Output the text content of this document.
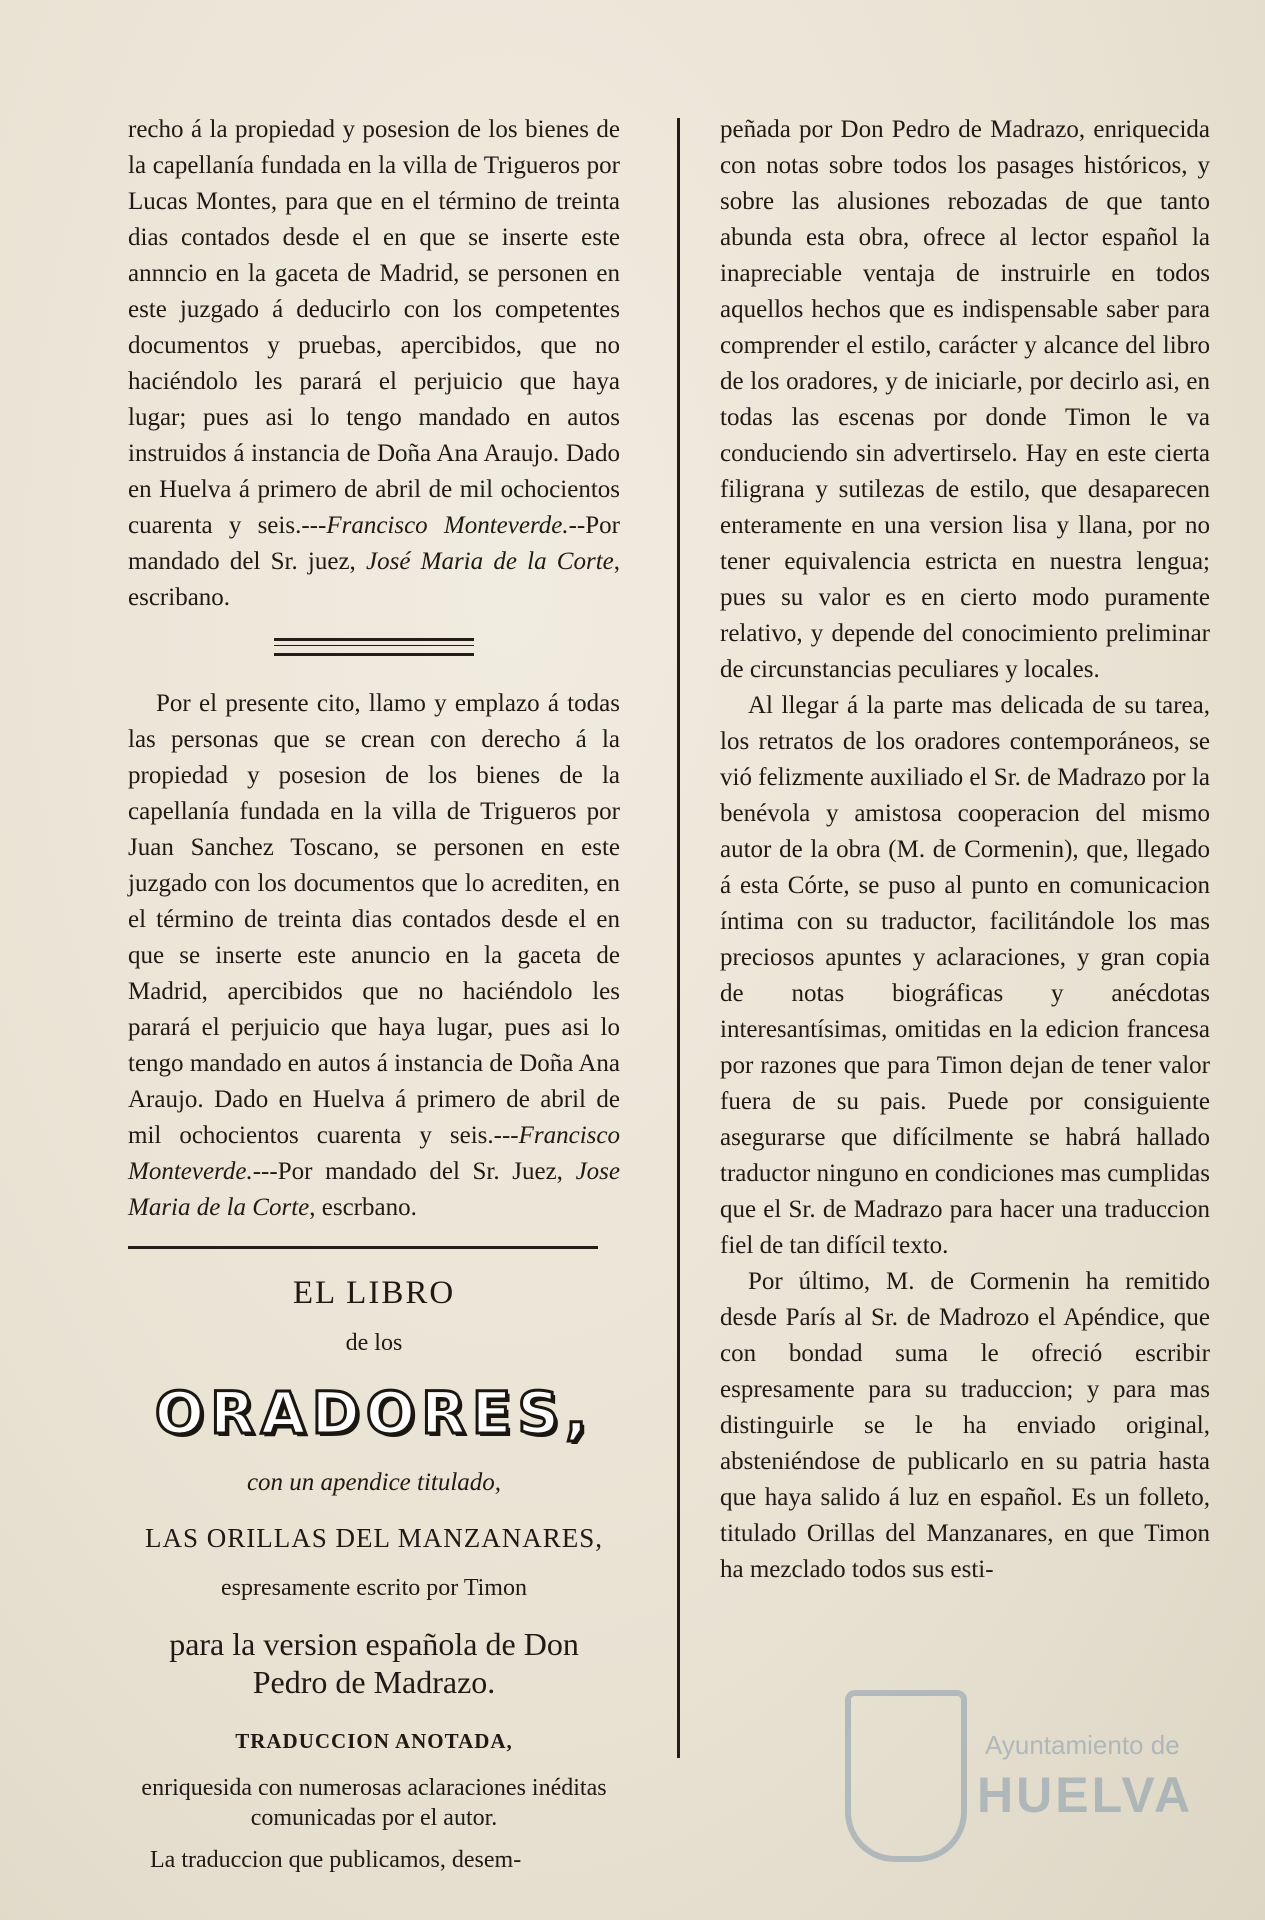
recho á la propiedad y posesion de los bienes de la capellanía fundada en la villa de Trigueros por Lucas Montes, para que en el término de treinta dias contados desde el en que se inserte este annncio en la gaceta de Madrid, se personen en este juzgado á deducirlo con los competentes documentos y pruebas, apercibidos, que no haciéndolo les parará el perjuicio que haya lugar; pues asi lo tengo mandado en autos instruidos á instancia de Doña Ana Araujo. Dado en Huelva á primero de abril de mil ochocientos cuarenta y seis.---Francisco Monteverde.--Por mandado del Sr. juez, José Maria de la Corte, escribano.

Por el presente cito, llamo y emplazo á todas las personas que se crean con derecho á la propiedad y posesion de los bienes de la capellanía fundada en la villa de Trigueros por Juan Sanchez Toscano, se personen en este juzgado con los documentos que lo acrediten, en el término de treinta dias contados desde el en que se inserte este anuncio en la gaceta de Madrid, apercibidos que no haciéndolo les parará el perjuicio que haya lugar, pues asi lo tengo mandado en autos á instancia de Doña Ana Araujo. Dado en Huelva á primero de abril de mil ochocientos cuarenta y seis.---Francisco Monteverde.---Por mandado del Sr. Juez, Jose Maria de la Corte, escrbano.

EL LIBRO
de los
ORADORES,
con un apendice titulado,
LAS ORILLAS DEL MANZANARES,
espresamente escrito por Timon
para la version española de Don Pedro de Madrazo.
TRADUCCION ANOTADA,
enriquesida con numerosas aclaraciones inéditas comunicadas por el autor.
La traduccion que publicamos, desem-

peñada por Don Pedro de Madrazo, enriquecida con notas sobre todos los pasages históricos, y sobre las alusiones rebozadas de que tanto abunda esta obra, ofrece al lector español la inapreciable ventaja de instruirle en todos aquellos hechos que es indispensable saber para comprender el estilo, carácter y alcance del libro de los oradores, y de iniciarle, por decirlo asi, en todas las escenas por donde Timon le va conduciendo sin advertirselo. Hay en este cierta filigrana y sutilezas de estilo, que desaparecen enteramente en una version lisa y llana, por no tener equivalencia estricta en nuestra lengua; pues su valor es en cierto modo puramente relativo, y depende del conocimiento preliminar de circunstancias peculiares y locales.

Al llegar á la parte mas delicada de su tarea, los retratos de los oradores contemporáneos, se vió felizmente auxiliado el Sr. de Madrazo por la benévola y amistosa cooperacion del mismo autor de la obra (M. de Cormenin), que, llegado á esta Córte, se puso al punto en comunicacion íntima con su traductor, facilitándole los mas preciosos apuntes y aclaraciones, y gran copia de notas biográficas y anécdotas interesantísimas, omitidas en la edicion francesa por razones que para Timon dejan de tener valor fuera de su pais. Puede por consiguiente asegurarse que difícilmente se habrá hallado traductor ninguno en condiciones mas cumplidas que el Sr. de Madrazo para hacer una traduccion fiel de tan difícil texto.

Por último, M. de Cormenin ha remitido desde París al Sr. de Madrozo el Apéndice, que con bondad suma le ofreció escribir espresamente para su traduccion; y para mas distinguirle se le ha enviado original, absteniéndose de publicarlo en su patria hasta que haya salido á luz en español. Es un folleto, titulado Orillas del Manzanares, en que Timon ha mezclado todos sus esti-

Ayuntamiento de
HUELVA
